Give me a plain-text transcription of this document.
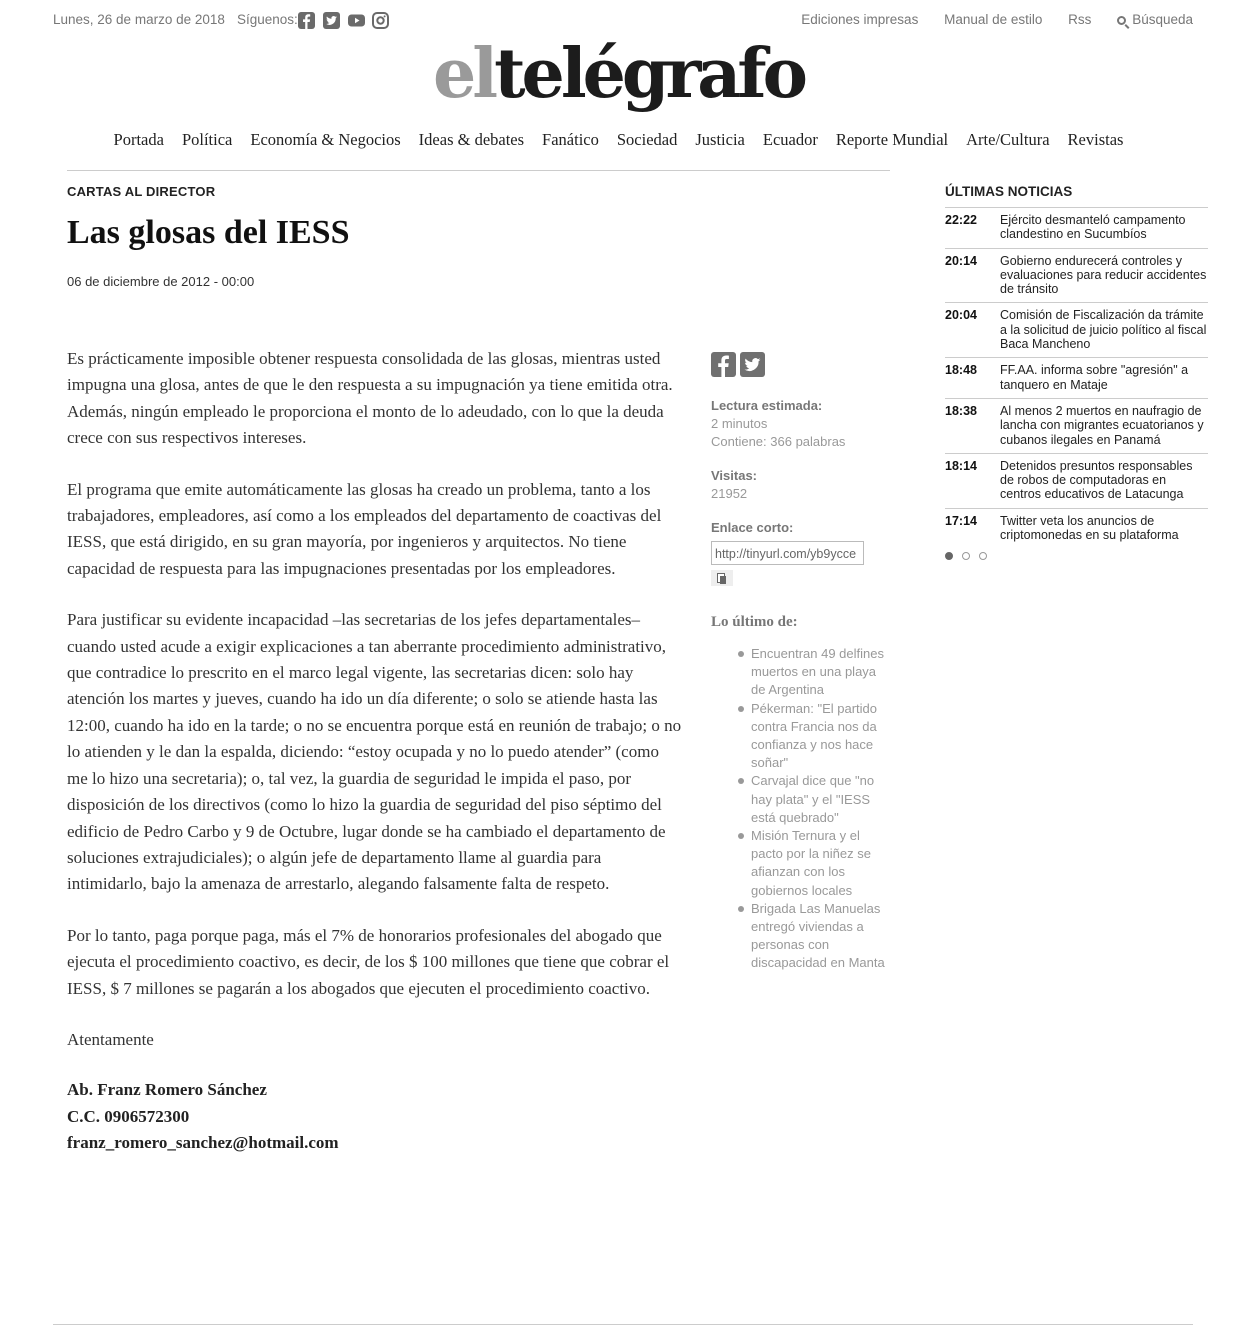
Lunes, 26 de marzo de 2018 Síguenos:

	Ediciones impresas Manual de estilo Rss	Búsqueda
eltelégrafo
Portada Política Economía & Negocios Ideas & debates Fanático Sociedad Justicia Ecuador Reporte Mundial Arte/Cultura Revistas
CARTAS AL DIRECTOR
Las glosas del IESS
06 de diciembre de 2012 - 00:00

Es prácticamente imposible obtener respuesta consolidada de las glosas, mientras usted impugna una glosa, antes de que le den respuesta a su impugnación ya tiene emitida otra. Además, ningún empleado le proporciona el monto de lo adeudado, con lo que la deuda crece con sus respectivos intereses.

El programa que emite automáticamente las glosas ha creado un problema, tanto a los trabajadores, empleadores, así como a los empleados del departamento de coactivas del IESS, que está dirigido, en su gran mayoría, por ingenieros y arquitectos. No tiene capacidad de respuesta para las impugnaciones presentadas por los empleadores.

Para justificar su evidente incapacidad –las secretarias de los jefes departamentales– cuando usted acude a exigir explicaciones a tan aberrante procedimiento administrativo, que contradice lo prescrito en el marco legal vigente, las secretarias dicen: solo hay atención los martes y jueves, cuando ha ido un día diferente; o solo se atiende hasta las 12:00, cuando ha ido en la tarde; o no se encuentra porque está en reunión de trabajo; o no lo atienden y le dan la espalda, diciendo: “estoy ocupada y no lo puedo atender” (como me lo hizo una secretaria); o, tal vez, la guardia de seguridad le impida el paso, por disposición de los directivos (como lo hizo la guardia de seguridad del piso séptimo del edificio de Pedro Carbo y 9 de Octubre, lugar donde se ha cambiado el departamento de soluciones extrajudiciales); o algún jefe de departamento llame al guardia para intimidarlo, bajo la amenaza de arrestarlo, alegando falsamente falta de respeto.

Por lo tanto, paga porque paga, más el 7% de honorarios profesionales del abogado que ejecuta el procedimiento coactivo, es decir, de los $ 100 millones que tiene que cobrar el IESS, $ 7 millones se pagarán a los abogados que ejecuten el procedimiento coactivo.

Atentamente

Ab. Franz Romero Sánchez

C.C. 0906572300

franz_romero_sanchez@hotmail.com

Lectura estimada:
2 minutos
Contiene: 366 palabras
Visitas:
21952
Enlace corto:
http://tinyurl.com/yb9ycce
Lo último de:
Encuentran 49 delfines muertos en una playa de Argentina
Pékerman: "El partido contra Francia nos da confianza y nos hace soñar"
Carvajal dice que "no hay plata" y el "IESS está quebrado"
Misión Ternura y el pacto por la niñez se afianzan con los gobiernos locales
Brigada Las Manuelas entregó viviendas a personas con discapacidad en Manta
ÚLTIMAS NOTICIAS
22:22	Ejército desmanteló campamento clandestino en Sucumbíos
20:14	Gobierno endurecerá controles y evaluaciones para reducir accidentes de tránsito
20:04	Comisión de Fiscalización da trámite a la solicitud de juicio político al fiscal Baca Mancheno
18:48	FF.AA. informa sobre "agresión" a tanquero en Mataje
18:38	Al menos 2 muertos en naufragio de lancha con migrantes ecuatorianos y cubanos ilegales en Panamá
18:14	Detenidos presuntos responsables de robos de computadoras en centros educativos de Latacunga
17:14	Twitter veta los anuncios de criptomonedas en su plataforma
